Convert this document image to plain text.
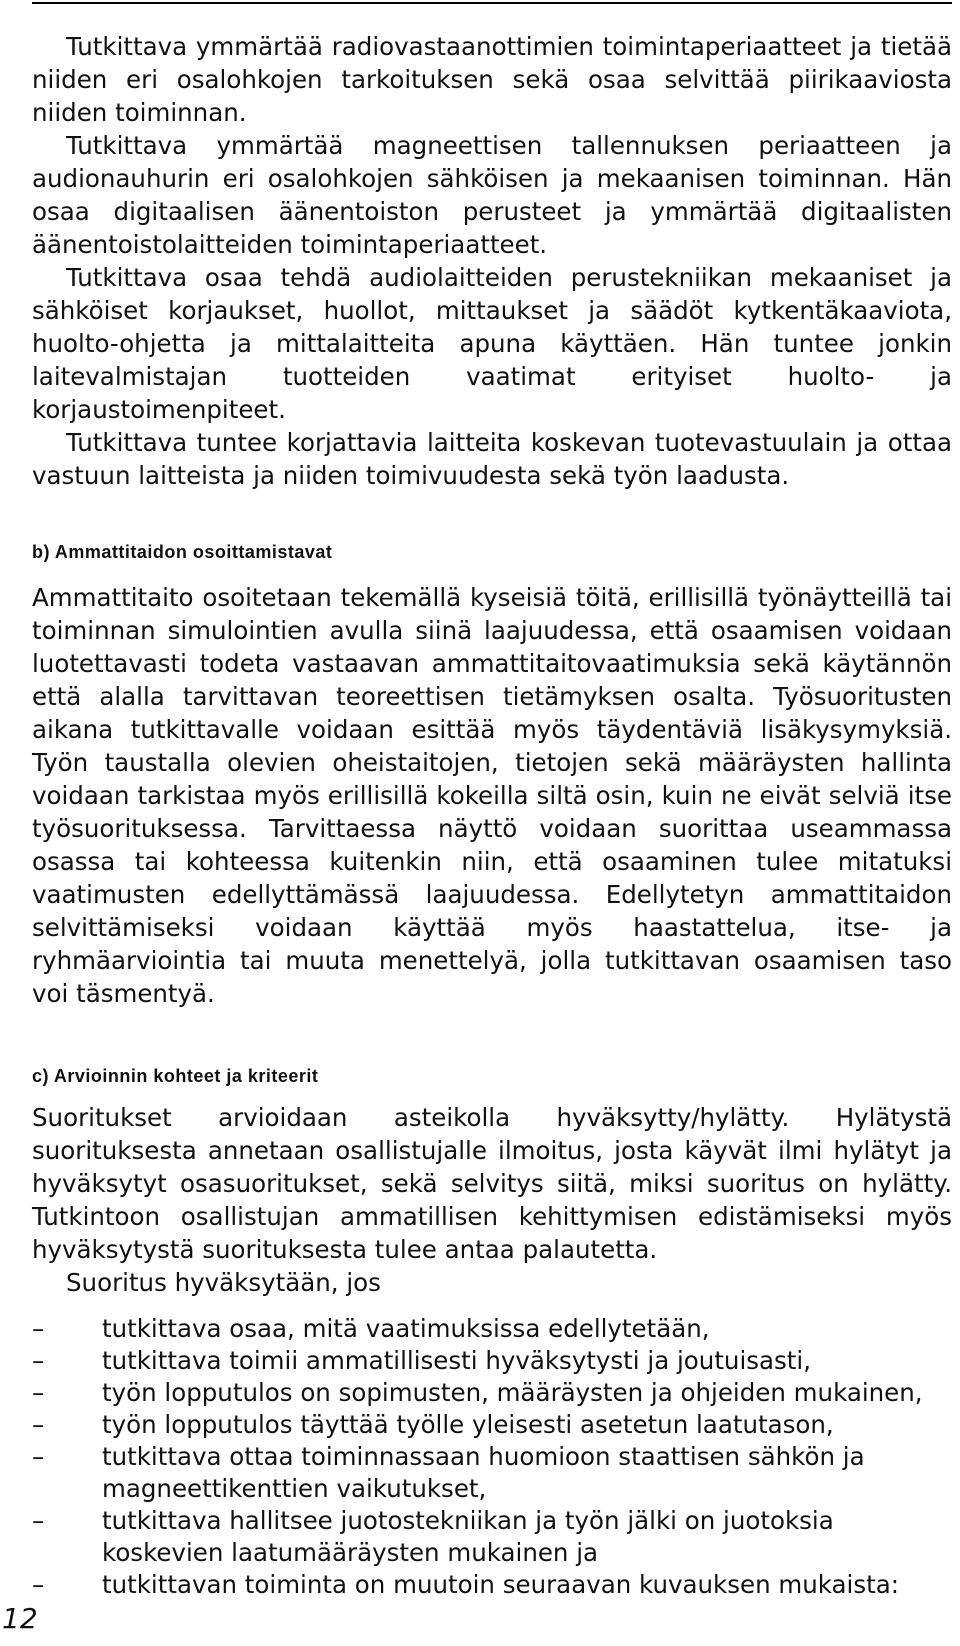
Tutkittava ymmärtää radiovastaanottimien toimintaperiaatteet ja tietää niiden eri osalohkojen tarkoituksen sekä osaa selvittää piirikaaviosta niiden toiminnan.

Tutkittava ymmärtää magneettisen tallennuksen periaatteen ja audionauhurin eri osalohkojen sähköisen ja mekaanisen toiminnan. Hän osaa digitaalisen äänentoiston perusteet ja ymmärtää digitaalisten äänentoistolaitteiden toimintaperiaatteet.

Tutkittava osaa tehdä audiolaitteiden perustekniikan mekaaniset ja sähköiset korjaukset, huollot, mittaukset ja säädöt kytkentäkaaviota, huolto-ohjetta ja mittalaitteita apuna käyttäen. Hän tuntee jonkin laitevalmistajan tuotteiden vaatimat erityiset huolto- ja korjaustoimenpiteet.

Tutkittava tuntee korjattavia laitteita koskevan tuotevastuulain ja ottaa vastuun laitteista ja niiden toimivuudesta sekä työn laadusta.

b) Ammattitaidon osoittamistavat

Ammattitaito osoitetaan tekemällä kyseisiä töitä, erillisillä työnäytteillä tai toiminnan simulointien avulla siinä laajuudessa, että osaamisen voidaan luotettavasti todeta vastaavan ammattitaitovaatimuksia sekä käytännön että alalla tarvittavan teoreettisen tietämyksen osalta. Työsuoritusten aikana tutkittavalle voidaan esittää myös täydentäviä lisäkysymyksiä. Työn taustalla olevien oheistaitojen, tietojen sekä määräysten hallinta voidaan tarkistaa myös erillisillä kokeilla siltä osin, kuin ne eivät selviä itse työsuorituksessa. Tarvittaessa näyttö voidaan suorittaa useammassa osassa tai kohteessa kuitenkin niin, että osaaminen tulee mitatuksi vaatimusten edellyttämässä laajuudessa. Edellytetyn ammattitaidon selvittämiseksi voidaan käyttää myös haastattelua, itse- ja ryhmäarviointia tai muuta menettelyä, jolla tutkittavan osaamisen taso voi täsmentyä.

c) Arvioinnin kohteet ja kriteerit

Suoritukset arvioidaan asteikolla hyväksytty/hylätty. Hylätystä suorituksesta annetaan osallistujalle ilmoitus, josta käyvät ilmi hylätyt ja hyväksytyt osasuoritukset, sekä selvitys siitä, miksi suoritus on hylätty. Tutkintoon osallistujan ammatillisen kehittymisen edistämiseksi myös hyväksytystä suorituksesta tulee antaa palautetta.

Suoritus hyväksytään, jos

– tutkittava osaa, mitä vaatimuksissa edellytetään,
– tutkittava toimii ammatillisesti hyväksytysti ja joutuisasti,
– työn lopputulos on sopimusten, määräysten ja ohjeiden mukainen,
– työn lopputulos täyttää työlle yleisesti asetetun laatutason,
– tutkittava ottaa toiminnassaan huomioon staattisen sähkön ja magneettikenttien vaikutukset,
– tutkittava hallitsee juotostekniikan ja työn jälki on juotoksia koskevien laatumääräysten mukainen ja
– tutkittavan toiminta on muutoin seuraavan kuvauksen mukaista:
12
